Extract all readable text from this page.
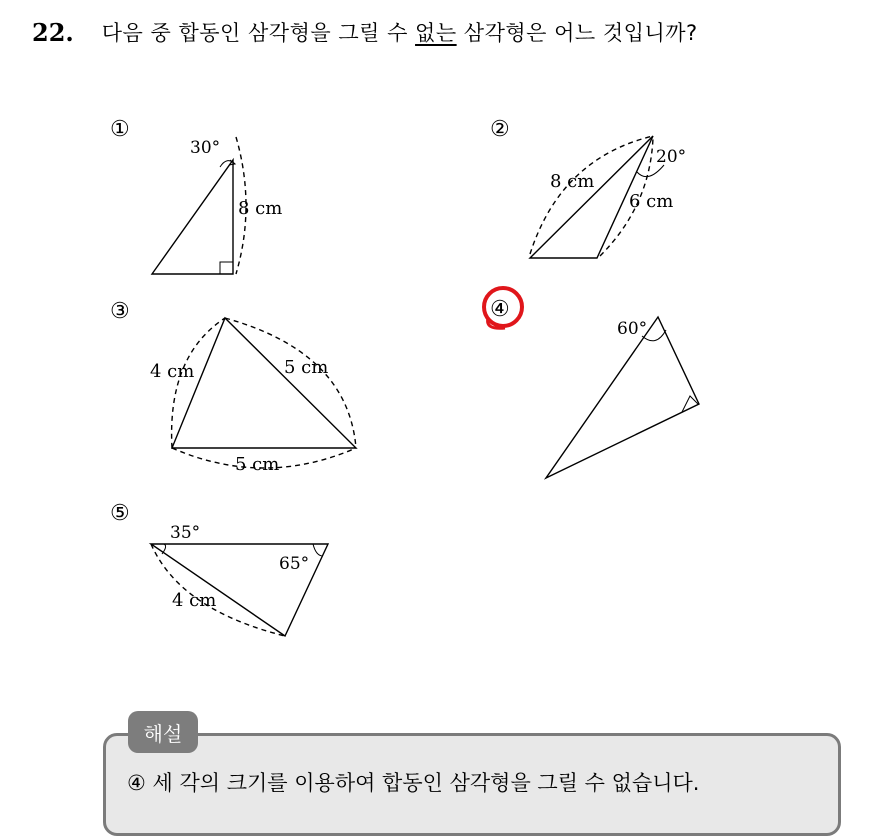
22. 다음 중 합동인 삼각형을 그릴 수 없는 삼각형은 어느 것입니까?
①	②
③	④
⑤
30°
8 cm
20°
8 cm
6 cm
4 cm	5 cm
5 cm
60°
35°
65°
4 cm
해설
④ 세 각의 크기를 이용하여 합동인 삼각형을 그릴 수 없습니다.
